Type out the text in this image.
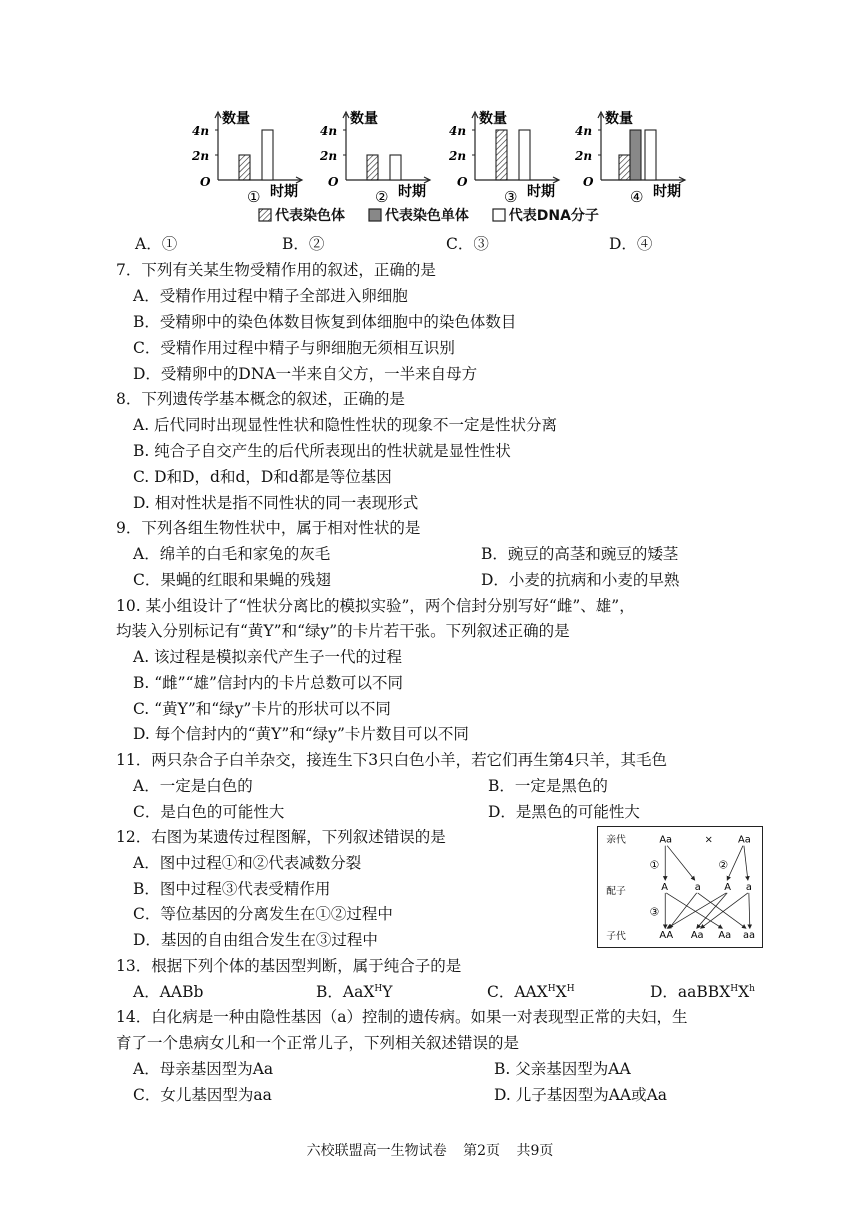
数量
4n
2n
O
时期
①
数量
4n
2n
O
时期
②
数量
4n
2n
O
时期
③
数量
4n
2n
O
时期
④
代表染色体	代表染色单体	代表DNA分子
A．①	B．②	C．③	D．④
7．下列有关某生物受精作用的叙述，正确的是
A．受精作用过程中精子全部进入卵细胞
B．受精卵中的染色体数目恢复到体细胞中的染色体数目
C．受精作用过程中精子与卵细胞无须相互识别
D．受精卵中的DNA一半来自父方，一半来自母方
8．下列遗传学基本概念的叙述，正确的是
A. 后代同时出现显性性状和隐性性状的现象不一定是性状分离
B. 纯合子自交产生的后代所表现出的性状就是显性性状
C. D和D，d和d，D和d都是等位基因
D. 相对性状是指不同性状的同一表现形式
9．下列各组生物性状中，属于相对性状的是
A．绵羊的白毛和家兔的灰毛	B．豌豆的高茎和豌豆的矮茎
C．果蝇的红眼和果蝇的残翅	D．小麦的抗病和小麦的早熟
10. 某小组设计了“性状分离比的模拟实验”，两个信封分别写好“雌”、雄”，
均装入分别标记有“黄Y”和“绿y”的卡片若干张。下列叙述正确的是
A. 该过程是模拟亲代产生子一代的过程
B. “雌”“雄”信封内的卡片总数可以不同
C. “黄Y”和“绿y”卡片的形状可以不同
D. 每个信封内的“黄Y”和“绿y”卡片数目可以不同
11．两只杂合子白羊杂交，接连生下3只白色小羊，若它们再生第4只羊，其毛色
A．一定是白色的	B．一定是黑色的
C．是白色的可能性大	D．是黑色的可能性大
12．右图为某遗传过程图解，下列叙述错误的是
A．图中过程①和②代表减数分裂
B．图中过程③代表受精作用
C．等位基因的分离发生在①②过程中
D．基因的自由组合发生在③过程中
亲代	Aa	×	Aa
①	②
配子	A	a A a
③
子代	AA Aa Aa aa
13．根据下列个体的基因型判断，属于纯合子的是
A．AABb	B．AaX$^H$Y	C．$AAX^HX^H$	D．$aaBBX^HX^h$
14．白化病是一种由隐性基因（a）控制的遗传病。如果一对表现型正常的夫妇，生
育了一个患病女儿和一个正常儿子，下列相关叙述错误的是
A．母亲基因型为Aa	B. 父亲基因型为AA
C．女儿基因型为aa	D. 儿子基因型为AA或Aa
六校联盟高一生物试卷 第2页 共9页
